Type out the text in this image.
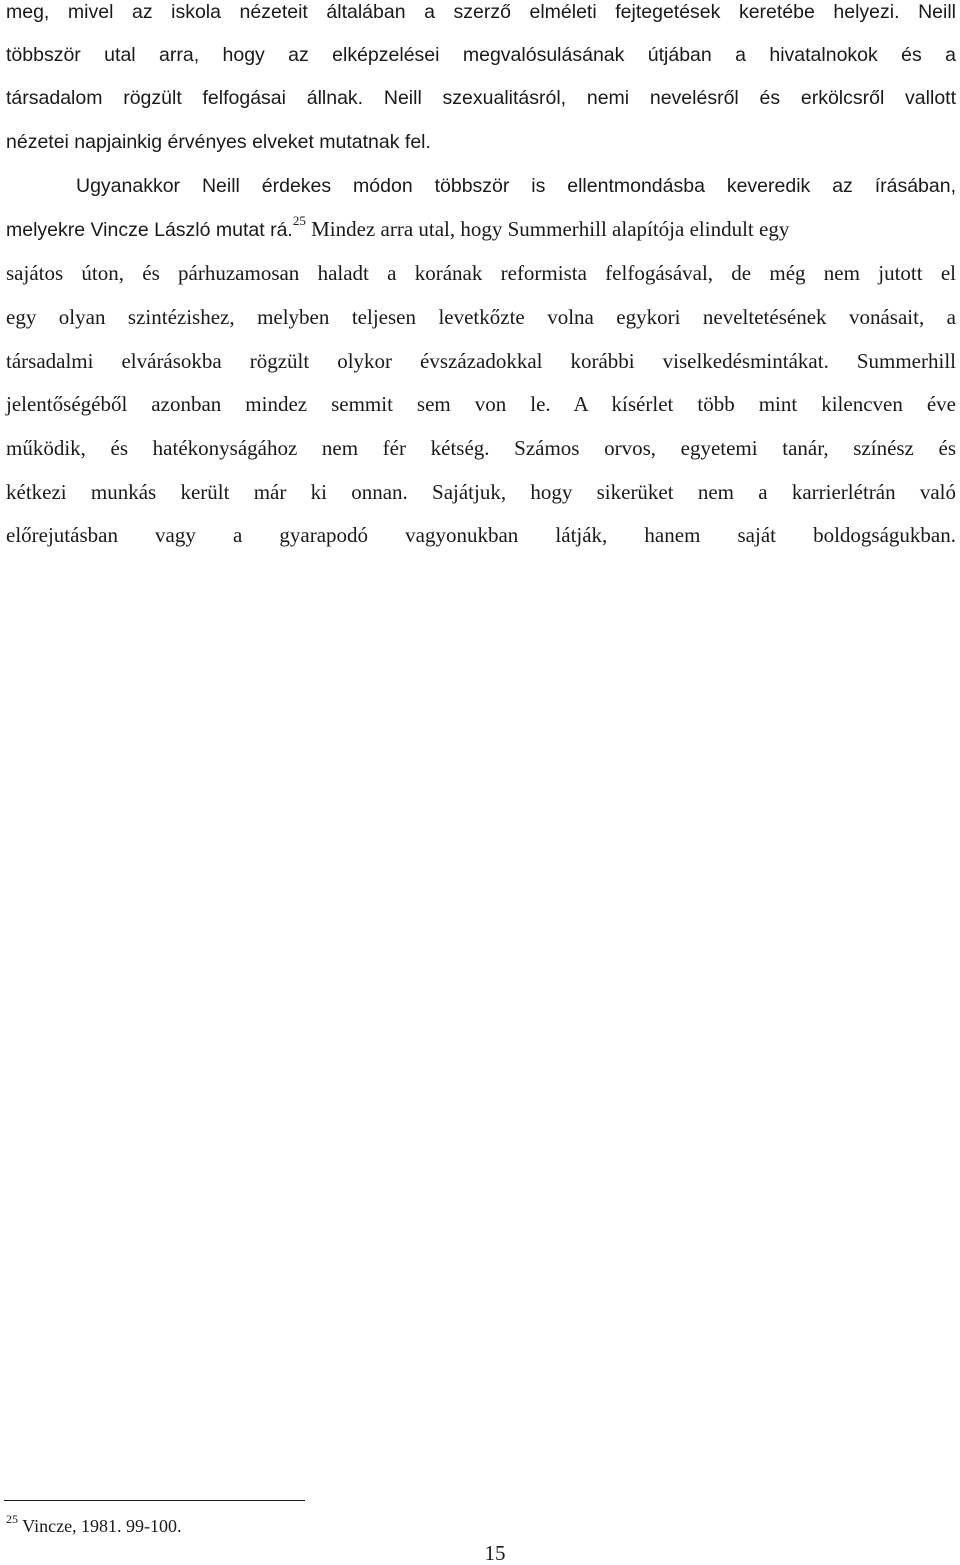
meg, mivel az iskola nézeteit általában a szerző elméleti fejtegetések keretébe helyezi. Neill
többször utal arra, hogy az elképzelései megvalósulásának útjában a hivatalnokok és a
társadalom rögzült felfogásai állnak. Neill szexualitásról, nemi nevelésről és erkölcsről vallott
nézetei napjainkig érvényes elveket mutatnak fel.
Ugyanakkor Neill érdekes módon többször is ellentmondásba keveredik az írásában,
melyekre Vincze László mutat rá.$^{25}$ Mindez arra utal, hogy Summerhill alapítója elindult egy
sajátos úton, és párhuzamosan haladt a korának reformista felfogásával, de még nem jutott el
egy olyan szintézishez, melyben teljesen levetkőzte volna egykori neveltetésének vonásait, a
társadalmi elvárásokba rögzült olykor évszázadokkal korábbi viselkedésmintákat. Summerhill
jelentőségéből azonban mindez semmit sem von le. A kísérlet több mint kilencven éve
működik, és hatékonyságához nem fér kétség. Számos orvos, egyetemi tanár, színész és
kétkezi munkás került már ki onnan. Sajátjuk, hogy sikerüket nem a karrierlétrán való
előrejutásban vagy a gyarapodó vagyonukban látják, hanem saját boldogságukban.
$^{25}$ Vincze, 1981. 99-100.
15
